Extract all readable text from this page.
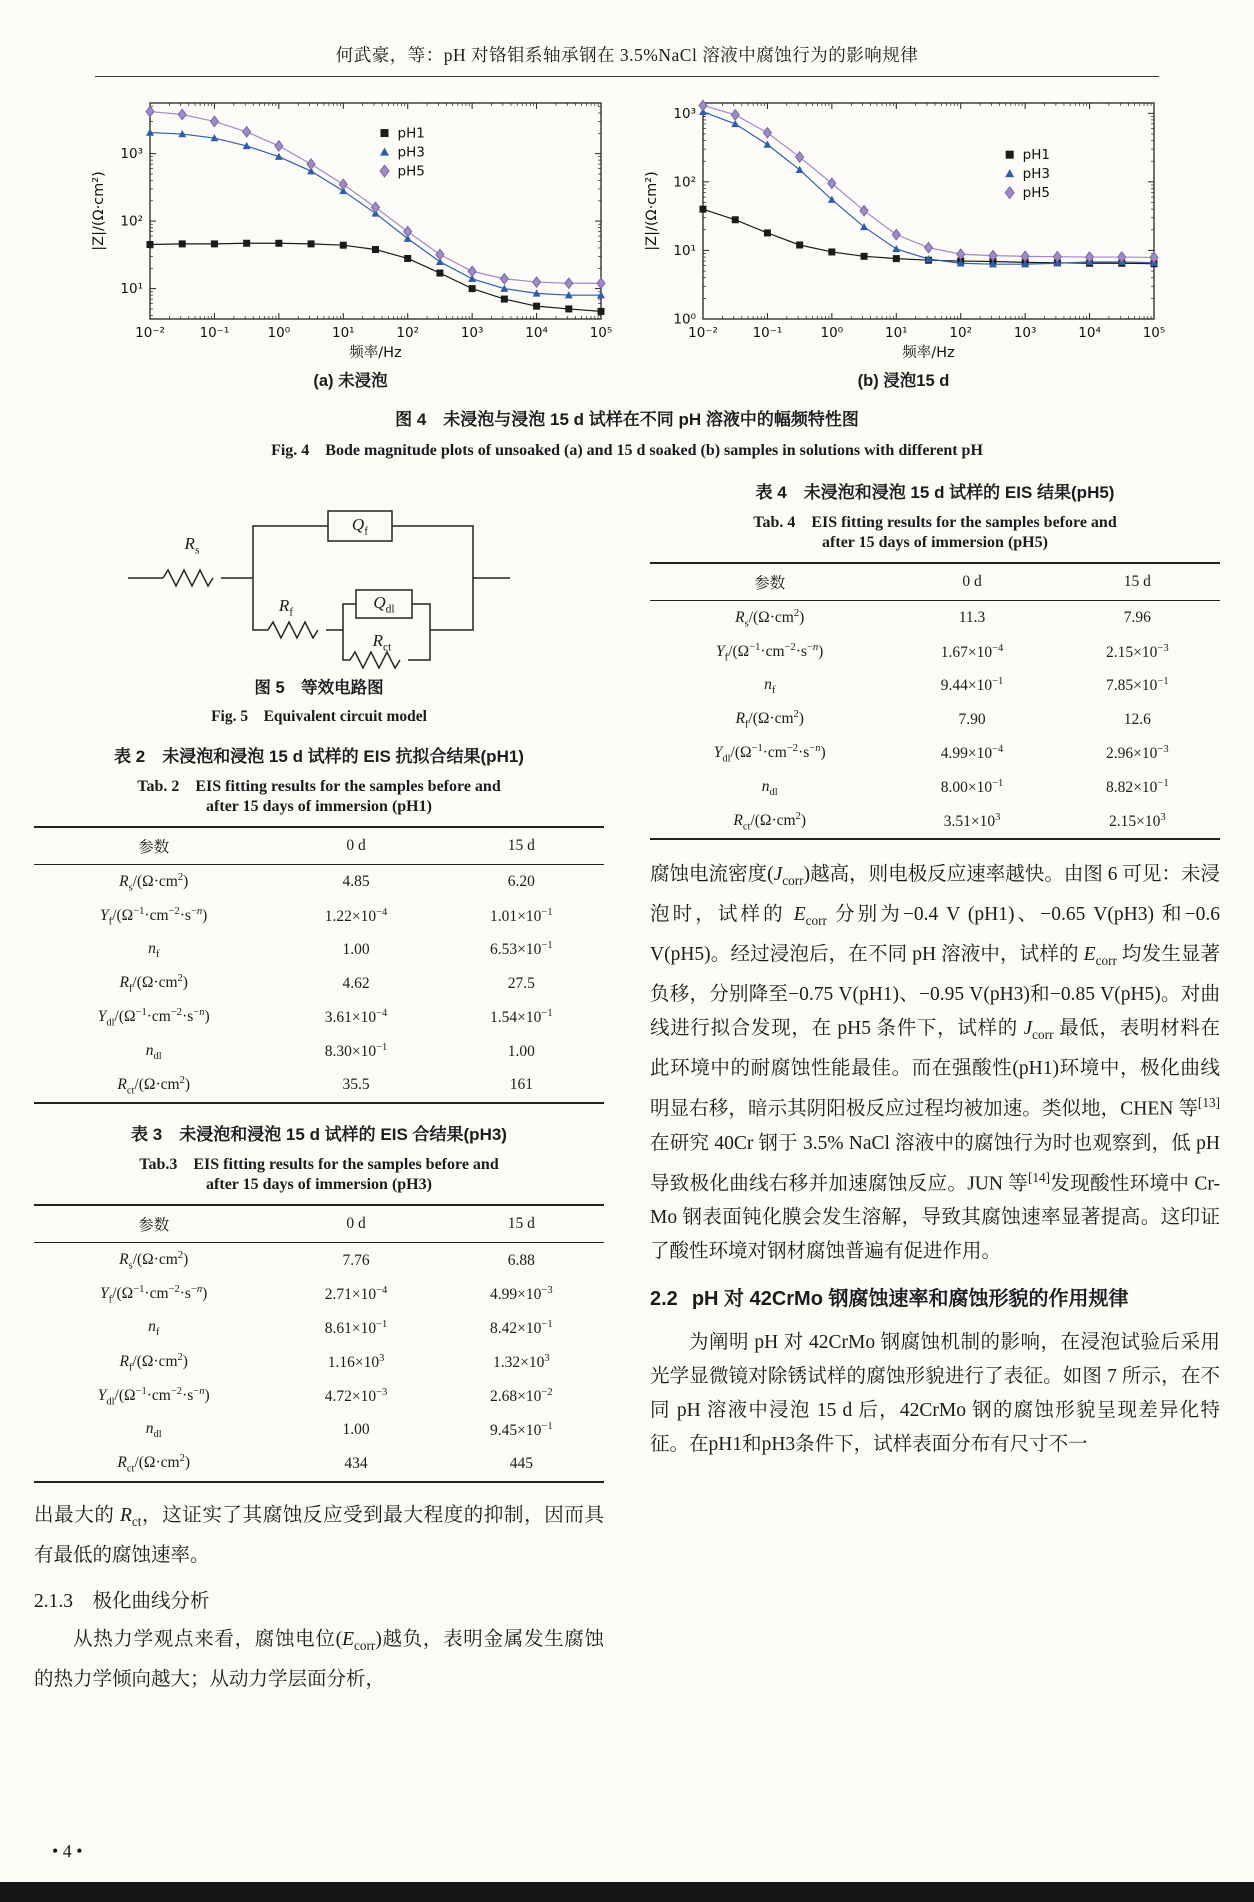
何武豪，等：pH 对铬钼系轴承钢在 3.5%NaCl 溶液中腐蚀行为的影响规律
10⁻²	10⁻¹	10⁰	10¹	10²	10³	10⁴	10⁵
10¹
10²
10³
pH1
pH3
pH5
频率/Hz
|Z|/(Ω·cm²)
(a) 未浸泡
10⁻²	10⁻¹	10⁰	10¹	10²	10³	10⁴	10⁵
10⁰
10¹
10²
10³
pH1
pH3
pH5
频率/Hz
|Z|/(Ω·cm²)
(b) 浸泡15 d
图 4　未浸泡与浸泡 15 d 试样在不同 pH 溶液中的幅频特性图
Fig. 4　Bode magnitude plots of unsoaked (a) and 15 d soaked (b) samples in solutions with different pH
$R_s$
$Q_f$
$R_f$	$Q_{dl}$
$R_{ct}$
图 5　等效电路图
Fig. 5　Equivalent circuit model
表 2　未浸泡和浸泡 15 d 试样的 EIS 抗拟合结果(pH1)
Tab. 2　EIS fitting results for the samples before and
after 15 days of immersion (pH1)
参数	0 d	15 d
$R_s/(\Omega\cdot cm^2)$	4.85	6.20
$Y_f/(\Omega^{-1}\cdot cm^{-2}\cdot s^{-n})$	$1.22\times 10^{-4}$	$1.01\times 10^{-1}$
$n_f$	1.00	$6.53\times 10^{-1}$
$R_f/(\Omega\cdot cm^2)$	4.62	27.5
$Y_{dl}/(\Omega^{-1}\cdot cm^{-2}\cdot s^{-n})$	$3.61\times 10^{-4}$	$1.54\times 10^{-1}$
$n_{dl}$	$8.30\times 10^{-1}$	1.00
$R_{ct}/(\Omega\cdot cm^2)$	35.5	161
表 3　未浸泡和浸泡 15 d 试样的 EIS 合结果(pH3)
Tab.3　EIS fitting results for the samples before and
after 15 days of immersion (pH3)
参数	0 d	15 d
$R_s/(\Omega\cdot cm^2)$	7.76	6.88
$Y_f/(\Omega^{-1}\cdot cm^{-2}\cdot s^{-n})$	$2.71\times 10^{-4}$	$4.99\times 10^{-3}$
$n_f$	$8.61\times 10^{-1}$	$8.42\times 10^{-1}$
$R_f/(\Omega\cdot cm^2)$	$1.16\times 10^3$	$1.32\times 10^3$
$Y_{dl}/(\Omega^{-1}\cdot cm^{-2}\cdot s^{-n})$	$4.72\times 10^{-3}$	$2.68\times 10^{-2}$
$n_{dl}$	1.00	$9.45\times 10^{-1}$
$R_{ct}/(\Omega\cdot cm^2)$	434	445

出最大的 $R_{ct}$，这证实了其腐蚀反应受到最大程度的抑制，因而具有最低的腐蚀速率。

2.1.3　极化曲线分析

从热力学观点来看，腐蚀电位$(E_{corr})$越负，表明金属发生腐蚀的热力学倾向越大；从动力学层面分析，

表 4　未浸泡和浸泡 15 d 试样的 EIS 结果(pH5)
Tab. 4　EIS fitting results for the samples before and
after 15 days of immersion (pH5)
参数	0 d	15 d
$R_s/(\Omega\cdot cm^2)$	11.3	7.96
$Y_f/(\Omega^{-1}\cdot cm^{-2}\cdot s^{-n})$	$1.67\times 10^{-4}$	$2.15\times 10^{-3}$
$n_f$	$9.44\times 10^{-1}$	$7.85\times 10^{-1}$
$R_f/(\Omega\cdot cm^2)$	7.90	12.6
$Y_{dl}/(\Omega^{-1}\cdot cm^{-2}\cdot s^{-n})$	$4.99\times 10^{-4}$	$2.96\times 10^{-3}$
$n_{dl}$	$8.00\times 10^{-1}$	$8.82\times 10^{-1}$
$R_{ct}/(\Omega\cdot cm^2)$	$3.51\times 10^3$	$2.15\times 10^3$

腐蚀电流密度$(J_{corr})$越高，则电极反应速率越快。由图 6 可见：未浸泡时，试样的 $E_{corr}$ 分别为−0.4 V (pH1)、−0.65 V(pH3) 和−0.6 V(pH5)。经过浸泡后，在不同 pH 溶液中，试样的 $E_{corr}$ 均发生显著负移，分别降至−0.75 V(pH1)、−0.95 V(pH3)和−0.85 V(pH5)。对曲线进行拟合发现，在 pH5 条件下，试样的 $J_{corr}$ 最低，表明材料在此环境中的耐腐蚀性能最佳。而在强酸性(pH1)环境中，极化曲线明显右移，暗示其阴阳极反应过程均被加速。类似地，CHEN 等[13]在研究 40Cr 钢于 3.5% NaCl 溶液中的腐蚀行为时也观察到，低 pH 导致极化曲线右移并加速腐蚀反应。JUN 等[14]发现酸性环境中 Cr-Mo 钢表面钝化膜会发生溶解，导致其腐蚀速率显著提高。这印证了酸性环境对钢材腐蚀普遍有促进作用。

2.2 pH 对 42CrMo 钢腐蚀速率和腐蚀形貌的作用规律

为阐明 pH 对 42CrMo 钢腐蚀机制的影响，在浸泡试验后采用光学显微镜对除锈试样的腐蚀形貌进行了表征。如图 7 所示，在不同 pH 溶液中浸泡 15 d 后，42CrMo 钢的腐蚀形貌呈现差异化特征。在pH1和pH3条件下，试样表面分布有尺寸不一

• 4 •
